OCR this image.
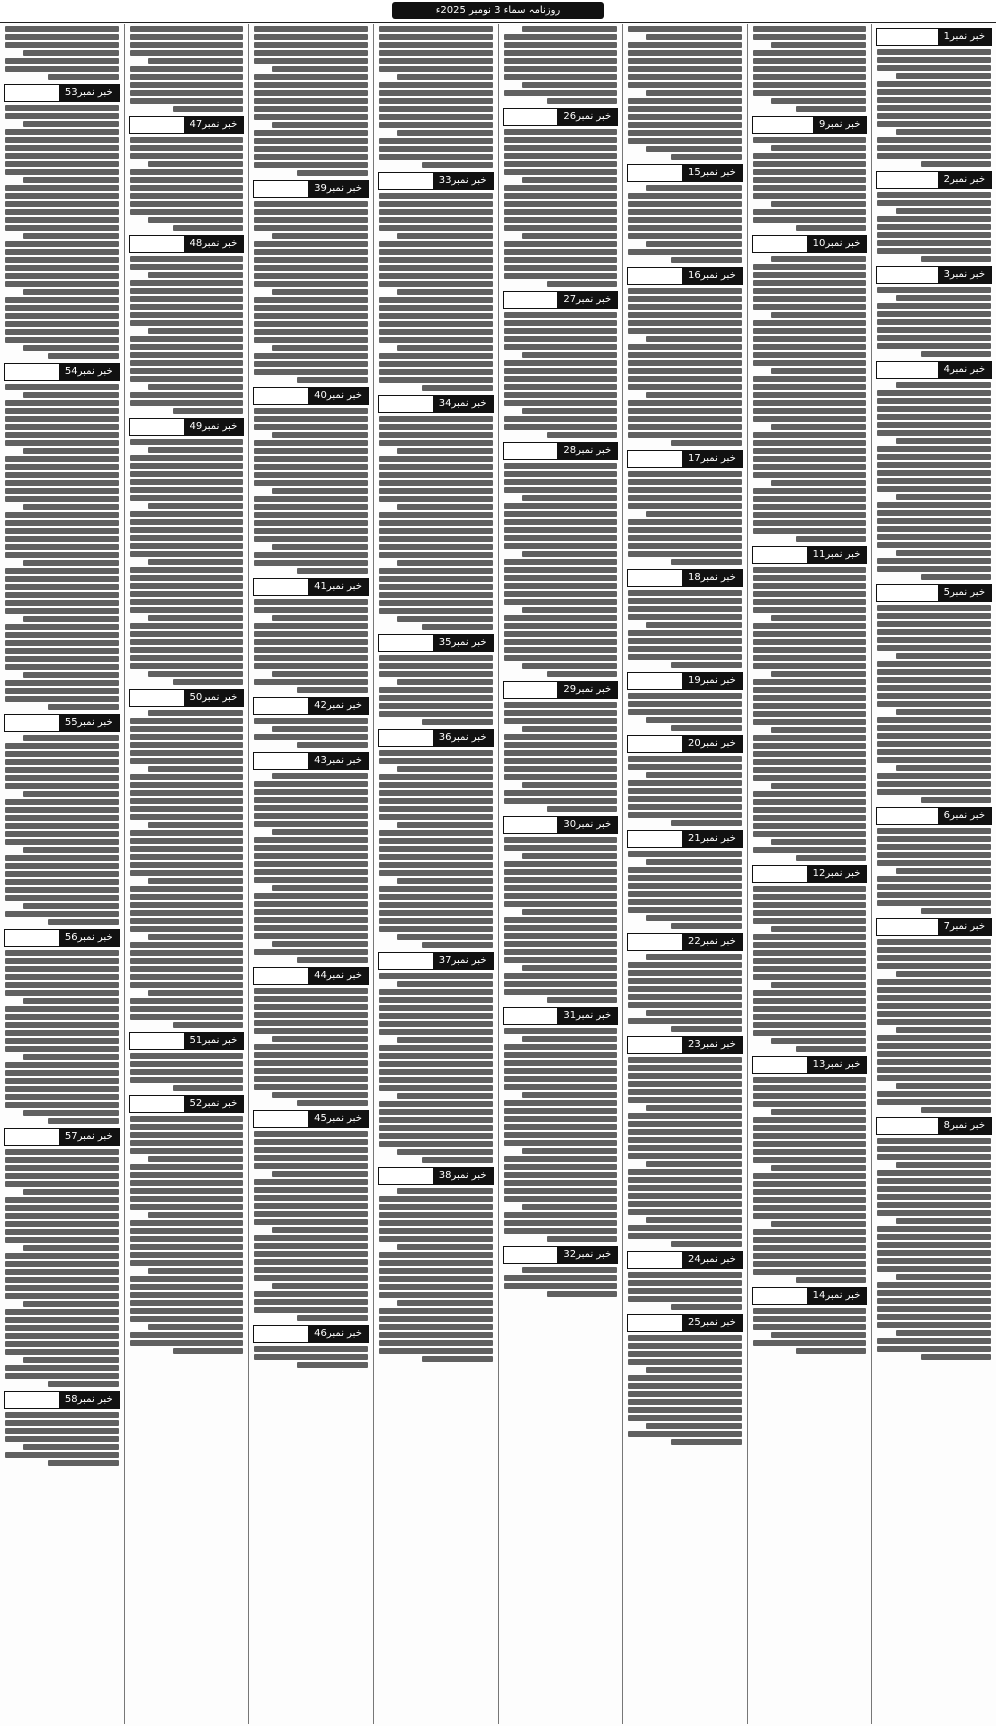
روزنامہ سماء 3 نومبر 2025ء
خبر نمبر1
خبر نمبر2
خبر نمبر3
خبر نمبر4
خبر نمبر5
خبر نمبر6
خبر نمبر7
خبر نمبر8
خبر نمبر9
خبر نمبر10
خبر نمبر11
خبر نمبر12
خبر نمبر13
خبر نمبر14
خبر نمبر15
خبر نمبر16
خبر نمبر17
خبر نمبر18
خبر نمبر19
خبر نمبر20
خبر نمبر21
خبر نمبر22
خبر نمبر23
خبر نمبر24
خبر نمبر25
خبر نمبر26
خبر نمبر27
خبر نمبر28
خبر نمبر29
خبر نمبر30
خبر نمبر31
خبر نمبر32
خبر نمبر33
خبر نمبر34
خبر نمبر35
خبر نمبر36
خبر نمبر37
خبر نمبر38
خبر نمبر39
خبر نمبر40
خبر نمبر41
خبر نمبر42
خبر نمبر43
خبر نمبر44
خبر نمبر45
خبر نمبر46
خبر نمبر47
خبر نمبر48
خبر نمبر49
خبر نمبر50
خبر نمبر51
خبر نمبر52
خبر نمبر53
خبر نمبر54
خبر نمبر55
خبر نمبر56
خبر نمبر57
خبر نمبر58
